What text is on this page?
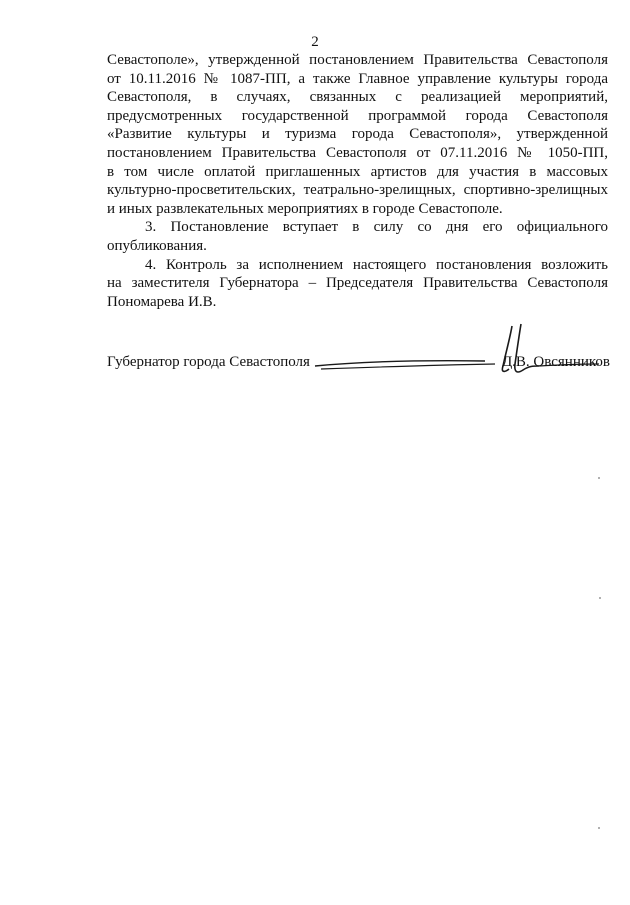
2
Севастополе», утвержденной постановлением Правительства Севастополя
от 10.11.2016 № 1087-ПП, а также Главное управление культуры города
Севастополя, в случаях, связанных с реализацией мероприятий,
предусмотренных государственной программой города Севастополя
«Развитие культуры и туризма города Севастополя», утвержденной
постановлением Правительства Севастополя от 07.11.2016 № 1050-ПП,
в том числе оплатой приглашенных артистов для участия в массовых
культурно-просветительских, театрально-зрелищных, спортивно-зрелищных
и иных развлекательных мероприятиях в городе Севастополе.
3. Постановление вступает в силу со дня его официального
опубликования.
4. Контроль за исполнением настоящего постановления возложить
на заместителя Губернатора – Председателя Правительства Севастополя
Пономарева И.В.
Губернатор города Севастополя	Д.В. Овсянников
